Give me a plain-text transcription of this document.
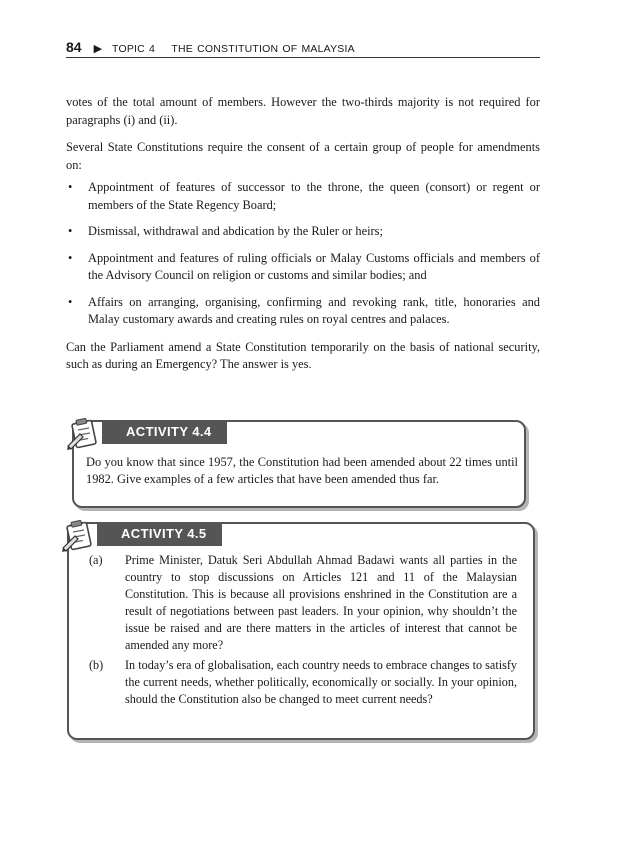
84 ▶ TOPIC 4    THE CONSTITUTION OF MALAYSIA

votes of the total amount of members. However the two-thirds majority is not required for paragraphs (i) and (ii).

Several State Constitutions require the consent of a certain group of people for amendments on:

• Appointment of features of successor to the throne, the queen (consort) or regent or members of the State Regency Board;
• Dismissal, withdrawal and abdication by the Ruler or heirs;
• Appointment and features of ruling officials or Malay Customs officials and members of the Advisory Council on religion or customs and similar bodies; and
• Affairs on arranging, organising, confirming and revoking rank, title, honoraries and Malay customary awards and creating rules on royal centres and palaces.

Can the Parliament amend a State Constitution temporarily on the basis of national security, such as during an Emergency? The answer is yes.

ACTIVITY 4.4
Do you know that since 1957, the Constitution had been amended about 22 times until 1982. Give examples of a few articles that have been amended thus far.
ACTIVITY 4.5
(a) Prime Minister, Datuk Seri Abdullah Ahmad Badawi wants all parties in the country to stop discussions on Articles 121 and 11 of the Malaysian Constitution. This is because all provisions enshrined in the Constitution are a result of negotiations between past leaders. In your opinion, why shouldn’t the issue be raised and are there matters in the articles of interest that cannot be amended any more?
(b) In today’s era of globalisation, each country needs to embrace changes to satisfy the current needs, whether politically, economically or socially. In your opinion, should the Constitution also be changed to meet current needs?
